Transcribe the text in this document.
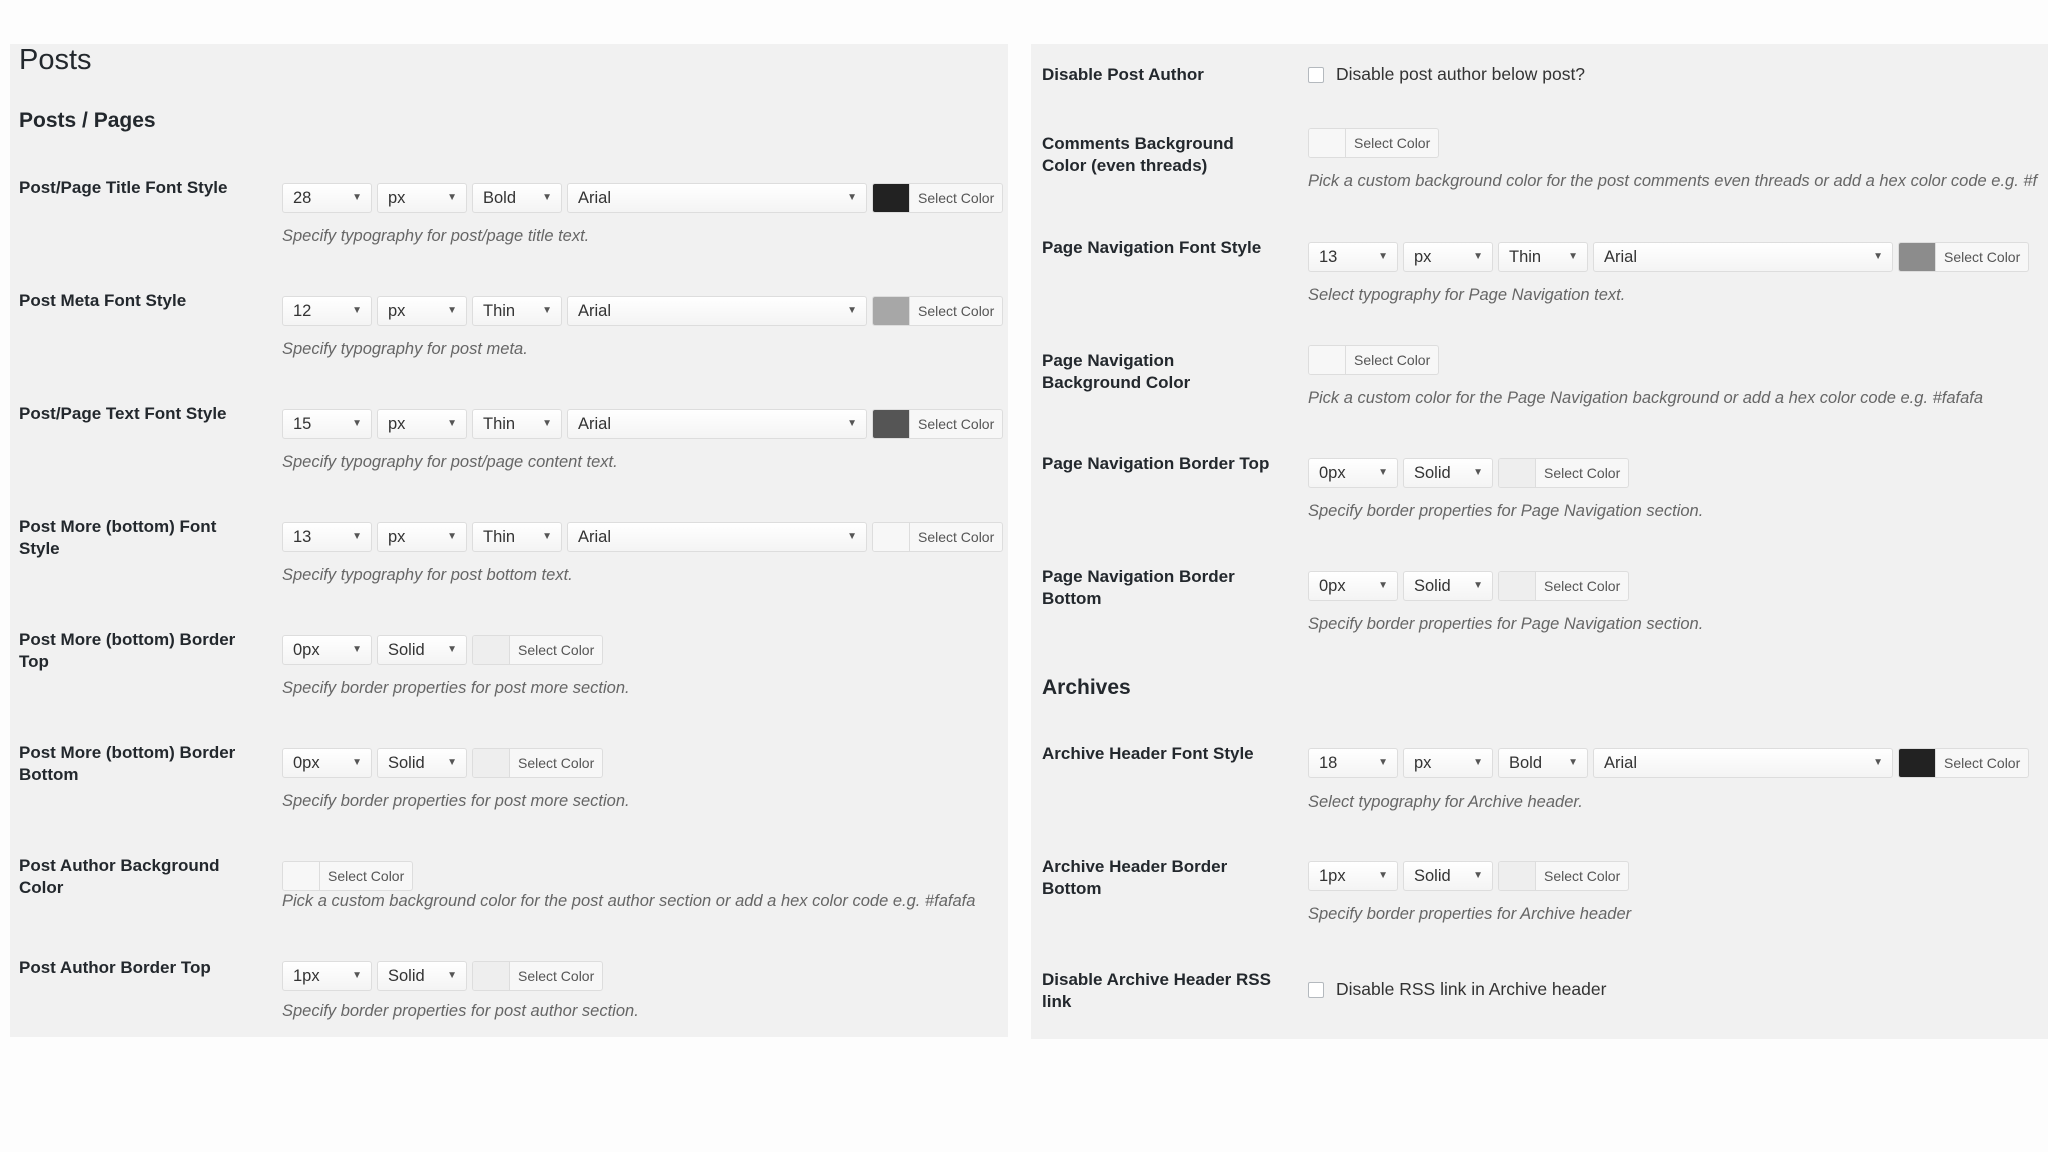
Posts
Posts / Pages
Post/Page Title Font Style
28	▼	px	▼	Bold	▼	Arial	▼	Select Color
Specify typography for post/page title text.
Post Meta Font Style
12	▼	px	▼	Thin	▼	Arial	▼	Select Color
Specify typography for post meta.
Post/Page Text Font Style
15	▼	px	▼	Thin	▼	Arial	▼	Select Color
Specify typography for post/page content text.
Post More (bottom) Font Style
13	▼	px	▼	Thin	▼	Arial	▼	Select Color
Specify typography for post bottom text.
Post More (bottom) Border Top
0px	▼	Solid ▼	Select Color
Specify border properties for post more section.
Post More (bottom) Border Bottom
0px	▼	Solid ▼	Select Color
Specify border properties for post more section.
Post Author Background Color
Select Color
Pick a custom background color for the post author section or add a hex color code e.g. #fafafa
Post Author Border Top	1px	▼	Solid ▼	Select Color
Specify border properties for post author section.
Disable Post Author	Disable post author below post?
Comments Background Color (even threads)
Select Color
Pick a custom background color for the post comments even threads or add a hex color code e.g. #f
Page Navigation Font Style	13	▼	px	▼	Thin	▼	Arial	▼	Select Color
Select typography for Page Navigation text.
Page Navigation Background Color
Select Color
Pick a custom color for the Page Navigation background or add a hex color code e.g. #fafafa
Page Navigation Border Top	0px	▼	Solid ▼	Select Color
Specify border properties for Page Navigation section.
Page Navigation Border Bottom
0px	▼	Solid ▼	Select Color
Specify border properties for Page Navigation section.
Archives
Archive Header Font Style	18	▼	px	▼	Bold	▼	Arial	▼	Select Color
Select typography for Archive header.
Archive Header Border Bottom
1px	▼	Solid ▼	Select Color
Specify border properties for Archive header
Disable Archive Header RSS link
Disable RSS link in Archive header
